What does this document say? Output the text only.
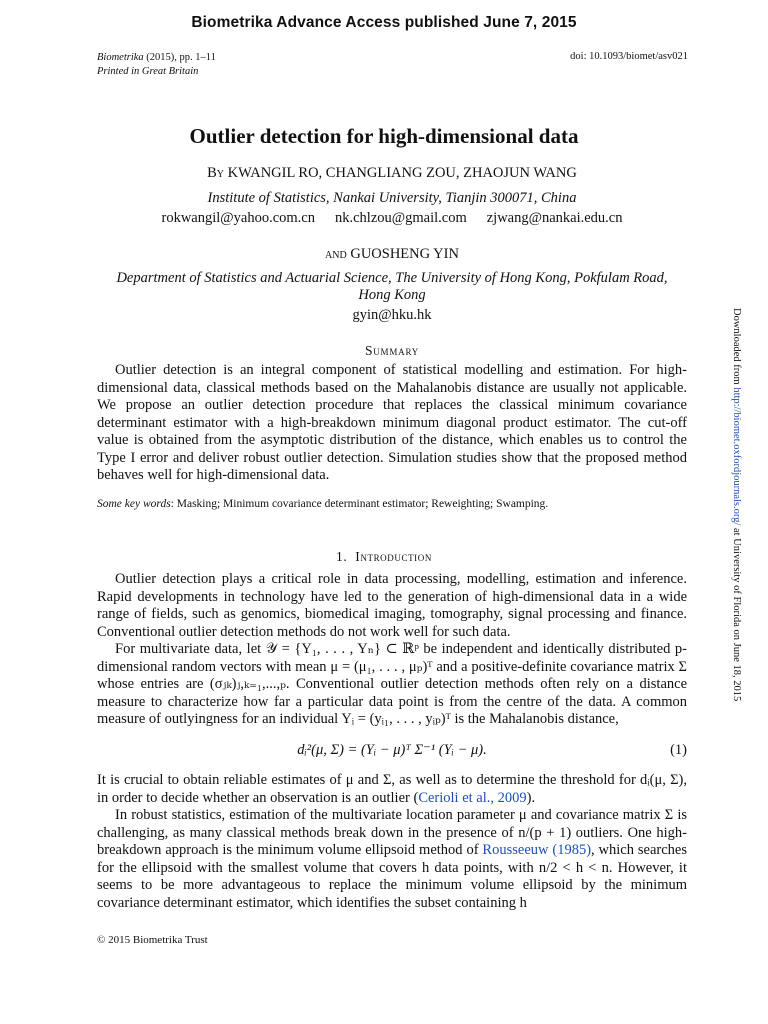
Biometrika Advance Access published June 7, 2015
Biometrika (2015), pp. 1–11
Printed in Great Britain
doi: 10.1093/biomet/asv021
Outlier detection for high-dimensional data
By KWANGIL RO, CHANGLIANG ZOU, ZHAOJUN WANG
Institute of Statistics, Nankai University, Tianjin 300071, China
rokwangil@yahoo.com.cn nk.chlzou@gmail.com zjwang@nankai.edu.cn
and GUOSHENG YIN
Department of Statistics and Actuarial Science, The University of Hong Kong, Pokfulam Road,
Hong Kong
gyin@hku.hk
Summary

Outlier detection is an integral component of statistical modelling and estimation. For high-dimensional data, classical methods based on the Mahalanobis distance are usually not applicable. We propose an outlier detection procedure that replaces the classical minimum covariance determinant estimator with a high-breakdown minimum diagonal product estimator. The cut-off value is obtained from the asymptotic distribution of the distance, which enables us to control the Type I error and deliver robust outlier detection. Simulation studies show that the proposed method behaves well for high-dimensional data.

Some key words: Masking; Minimum covariance determinant estimator; Reweighting; Swamping.
1. Introduction

Outlier detection plays a critical role in data processing, modelling, estimation and inference. Rapid developments in technology have led to the generation of high-dimensional data in a wide range of fields, such as genomics, biomedical imaging, tomography, signal processing and finance. Conventional outlier detection methods do not work well for such data.

For multivariate data, let 𝒴 = {Y₁, . . . , Yₙ} ⊂ ℝᵖ be independent and identically distributed p-dimensional random vectors with mean μ = (μ₁, . . . , μₚ)ᵀ and a positive-definite covariance matrix Σ whose entries are (σⱼₖ)ⱼ,ₖ₌₁,...,ₚ. Conventional outlier detection methods often rely on a distance measure to characterize how far a particular data point is from the centre of the data. A common measure of outlyingness for an individual Yᵢ = (yᵢ₁, . . . , yᵢₚ)ᵀ is the Mahalanobis distance,

dᵢ²(μ, Σ) = (Yᵢ − μ)ᵀ Σ⁻¹ (Yᵢ − μ).	(1)

It is crucial to obtain reliable estimates of μ and Σ, as well as to determine the threshold for dᵢ(μ, Σ), in order to decide whether an observation is an outlier (Cerioli et al., 2009).

In robust statistics, estimation of the multivariate location parameter μ and covariance matrix Σ is challenging, as many classical methods break down in the presence of n/(p + 1) outliers. One high-breakdown approach is the minimum volume ellipsoid method of Rousseeuw (1985), which searches for the ellipsoid with the smallest volume that covers h data points, with n/2 < h < n. However, it seems to be more advantageous to replace the minimum volume ellipsoid by the minimum covariance determinant estimator, which identifies the subset containing h

© 2015 Biometrika Trust
Downloaded from http://biomet.oxfordjournals.org/ at University of Florida on June 18, 2015
